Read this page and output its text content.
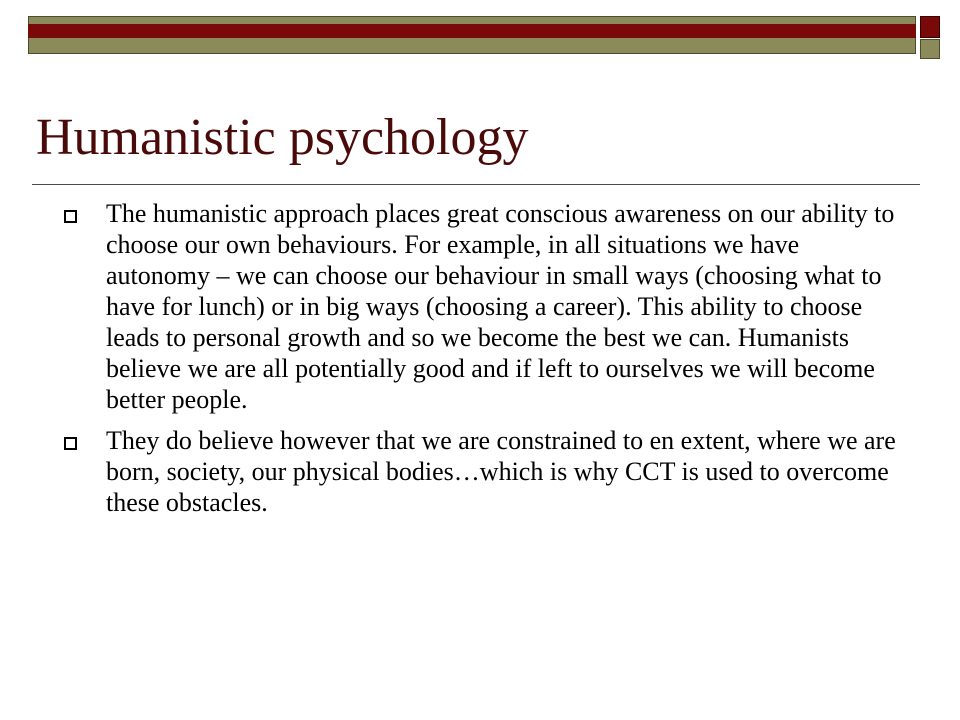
Humanistic psychology
The humanistic approach places great conscious awareness on our ability to choose our own behaviours. For example, in all situations we have autonomy – we can choose our behaviour in small ways (choosing what to have for lunch) or in big ways (choosing a career). This ability to choose leads to personal growth and so we become the best we can. Humanists believe we are all potentially good and if left to ourselves we will become better people.
They do believe however that we are constrained to en extent, where we are born, society, our physical bodies…which is why CCT is used to overcome these obstacles.
